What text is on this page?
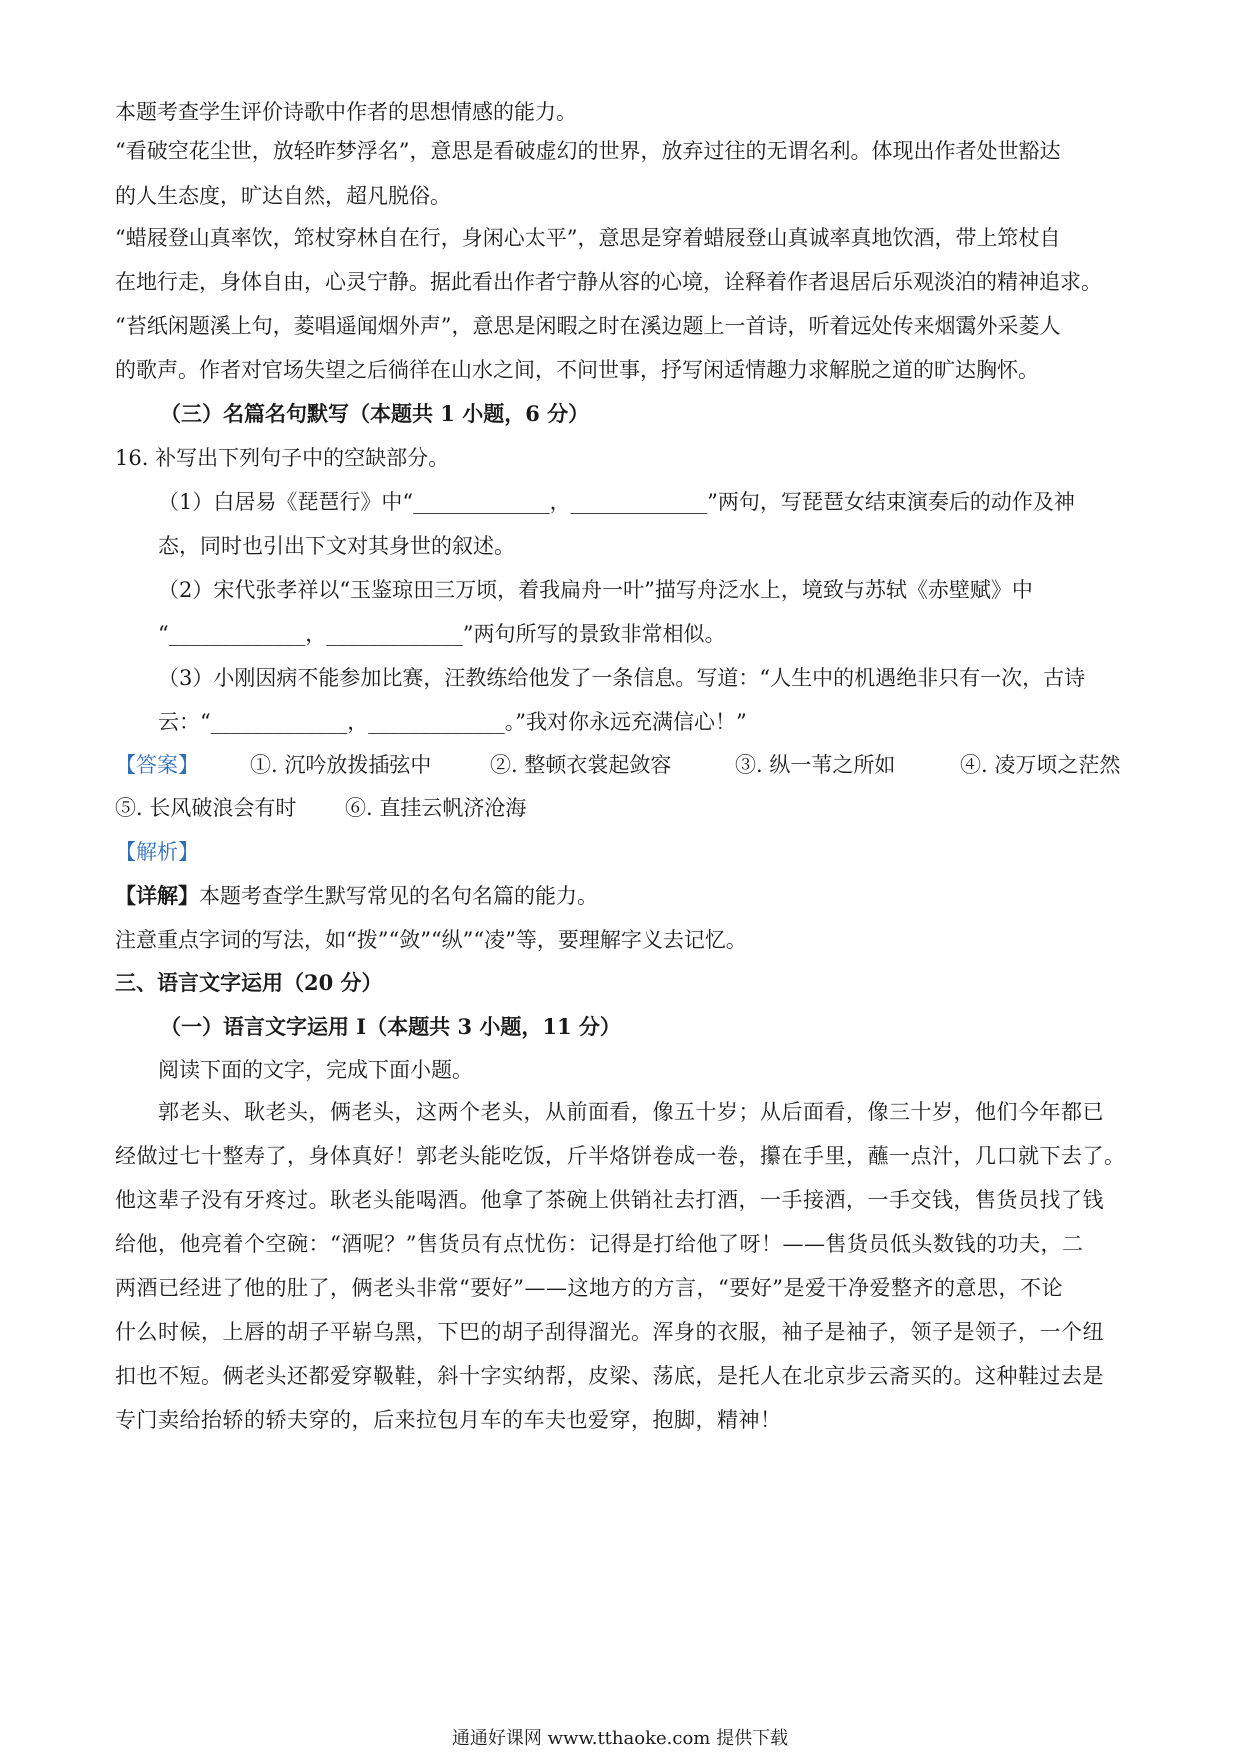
本题考查学生评价诗歌中作者的思想情感的能力。
“看破空花尘世，放轻昨梦浮名”，意思是看破虚幻的世界，放弃过往的无谓名利。体现出作者处世豁达
的人生态度，旷达自然，超凡脱俗。
“蜡屐登山真率饮，筇杖穿林自在行，身闲心太平”，意思是穿着蜡屐登山真诚率真地饮酒，带上筇杖自
在地行走，身体自由，心灵宁静。据此看出作者宁静从容的心境，诠释着作者退居后乐观淡泊的精神追求。
“苔纸闲题溪上句，菱唱遥闻烟外声”，意思是闲暇之时在溪边题上一首诗，听着远处传来烟霭外采菱人
的歌声。作者对官场失望之后徜徉在山水之间，不问世事，抒写闲适情趣力求解脱之道的旷达胸怀。
（三）名篇名句默写（本题共 1 小题，6 分）
16. 补写出下列句子中的空缺部分。
（1）白居易《琵琶行》中“_____________，_____________”两句，写琵琶女结束演奏后的动作及神
态，同时也引出下文对其身世的叙述。
（2）宋代张孝祥以“玉鉴琼田三万顷，着我扁舟一叶”描写舟泛水上，境致与苏轼《赤壁赋》中
“_____________，_____________”两句所写的景致非常相似。
（3）小刚因病不能参加比赛，汪教练给他发了一条信息。写道：“人生中的机遇绝非只有一次，古诗
云：“_____________，_____________。”我对你永远充满信心！”
【答案】 ①. 沉吟放拨插弦中	②. 整顿衣裳起敛容	③. 纵一苇之所如	④. 凌万顷之茫然
⑤. 长风破浪会有时 ⑥. 直挂云帆济沧海
【解析】
【详解】本题考查学生默写常见的名句名篇的能力。
注意重点字词的写法，如“拨”“敛”“纵”“凌”等，要理解字义去记忆。
三、语言文字运用（20 分）
（一）语言文字运用 I（本题共 3 小题，11 分）
阅读下面的文字，完成下面小题。
郭老头、耿老头，俩老头，这两个老头，从前面看，像五十岁；从后面看，像三十岁，他们今年都已
经做过七十整寿了，身体真好！郭老头能吃饭，斤半烙饼卷成一卷，攥在手里，蘸一点汁，几口就下去了。
他这辈子没有牙疼过。耿老头能喝酒。他拿了茶碗上供销社去打酒，一手接酒，一手交钱，售货员找了钱
给他，他亮着个空碗：“酒呢？”售货员有点忧伤：记得是打给他了呀！——售货员低头数钱的功夫，二
两酒已经进了他的肚了，俩老头非常“要好”——这地方的方言，“要好”是爱干净爱整齐的意思，不论
什么时候，上唇的胡子平崭乌黑，下巴的胡子刮得溜光。浑身的衣服，袖子是袖子，领子是领子，一个纽
扣也不短。俩老头还都爱穿靸鞋，斜十字实纳帮，皮梁、荡底，是托人在北京步云斋买的。这种鞋过去是
专门卖给抬轿的轿夫穿的，后来拉包月车的车夫也爱穿，抱脚，精神！
通通好课网 www.tthaoke.com 提供下载
